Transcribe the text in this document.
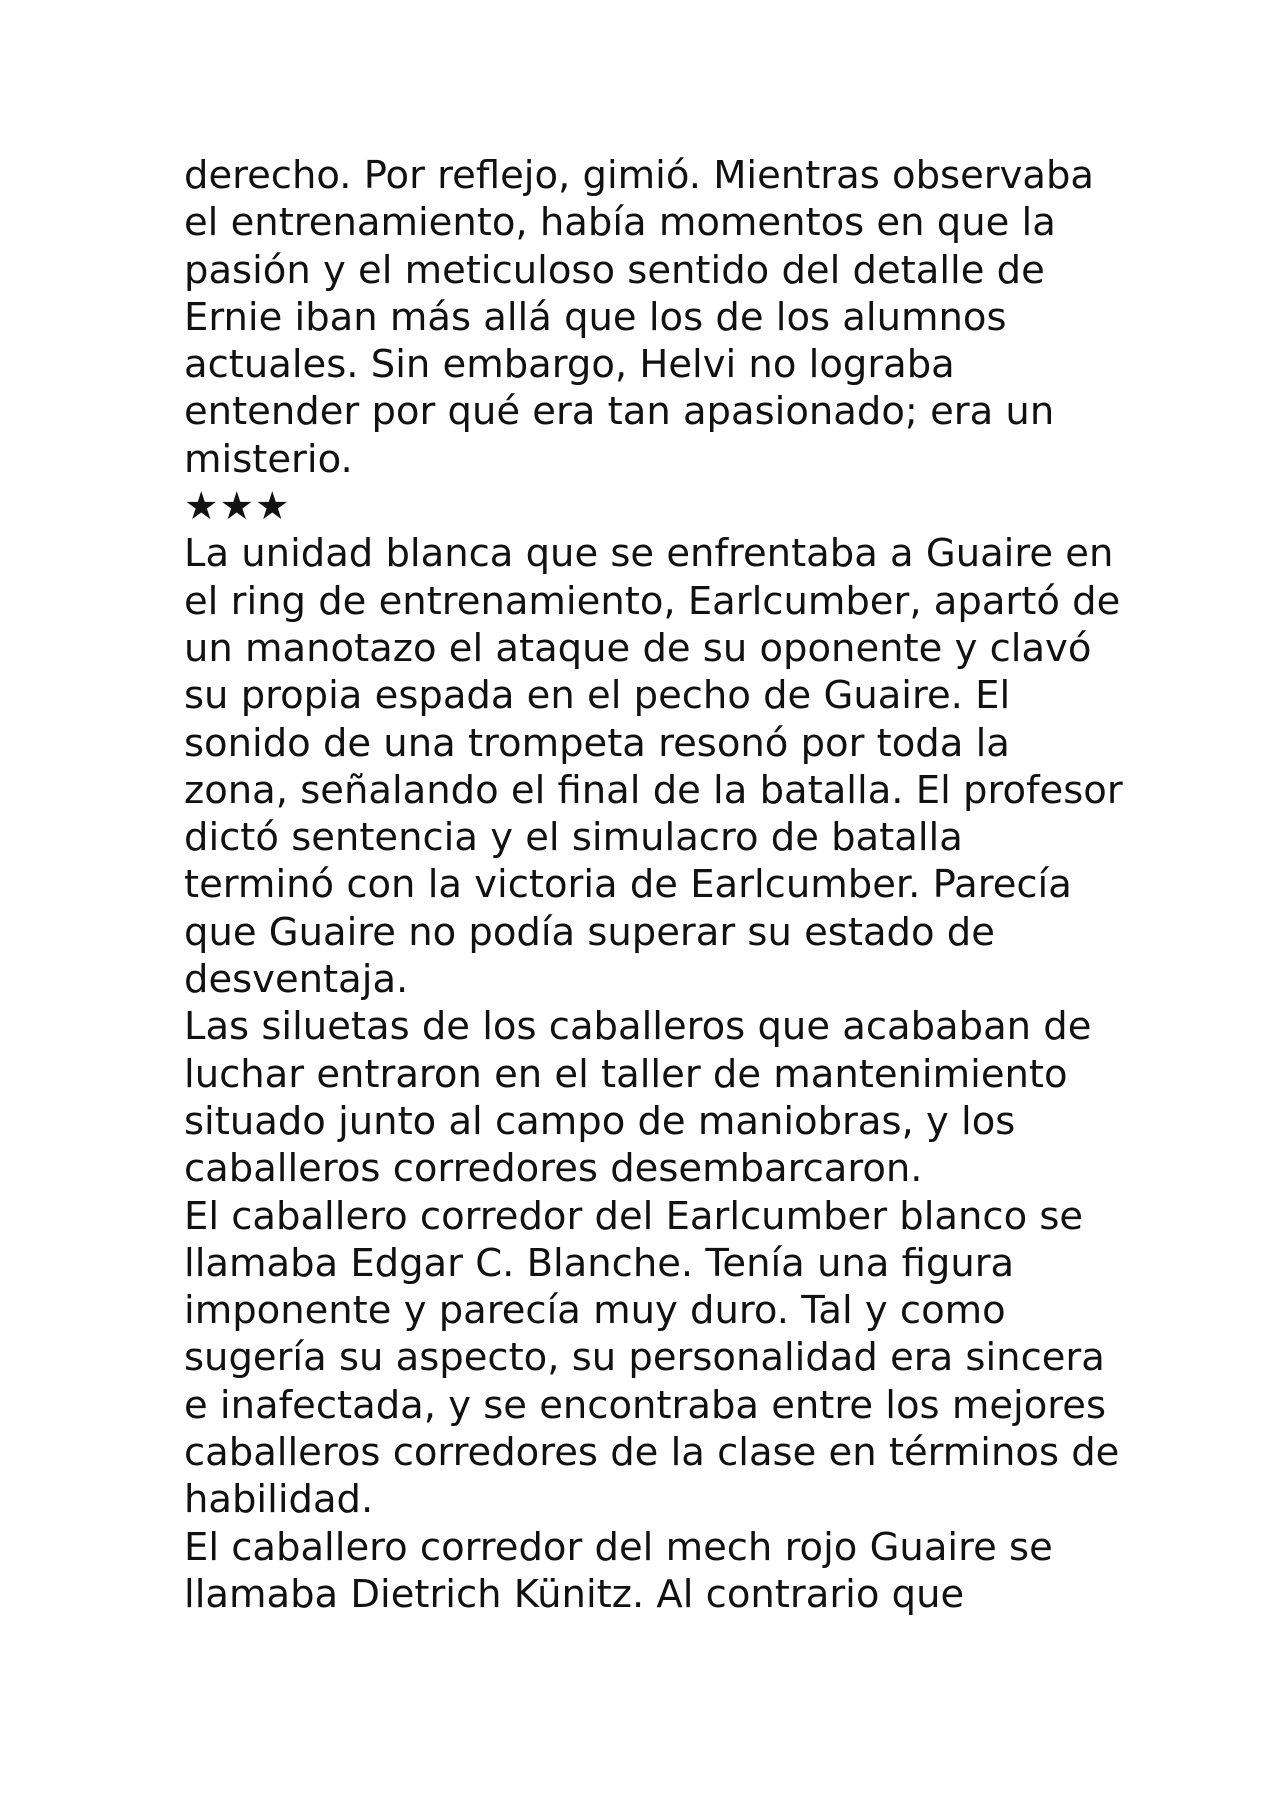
derecho. Por reflejo, gimió. Mientras observaba el entrenamiento, había momentos en que la pasión y el meticuloso sentido del detalle de Ernie iban más allá que los de los alumnos actuales. Sin embargo, Helvi no lograba entender por qué era tan apasionado; era un misterio.

★★★

La unidad blanca que se enfrentaba a Guaire en el ring de entrenamiento, Earlcumber, apartó de un manotazo el ataque de su oponente y clavó su propia espada en el pecho de Guaire. El sonido de una trompeta resonó por toda la zona, señalando el final de la batalla. El profesor dictó sentencia y el simulacro de batalla terminó con la victoria de Earlcumber. Parecía que Guaire no podía superar su estado de desventaja.

Las siluetas de los caballeros que acababan de luchar entraron en el taller de mantenimiento situado junto al campo de maniobras, y los caballeros corredores desembarcaron.

El caballero corredor del Earlcumber blanco se llamaba Edgar C. Blanche. Tenía una figura imponente y parecía muy duro. Tal y como sugería su aspecto, su personalidad era sincera e inafectada, y se encontraba entre los mejores caballeros corredores de la clase en términos de habilidad.

El caballero corredor del mech rojo Guaire se llamaba Dietrich Künitz. Al contrario que
